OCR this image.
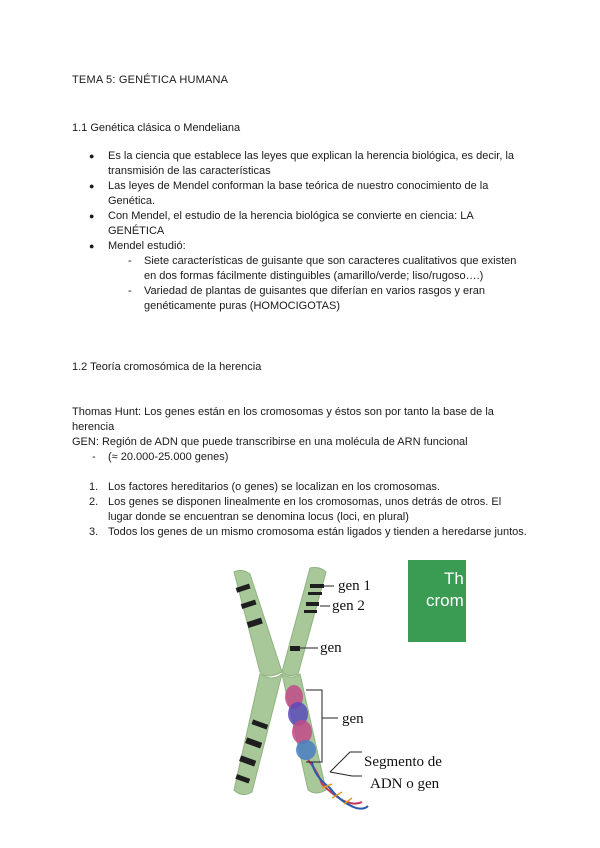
TEMA 5: GENÉTICA HUMANA
1.1 Genética clásica o Mendeliana
● Es la ciencia que establece las leyes que explican la herencia biológica, es decir, la transmisión de las características
● Las leyes de Mendel conforman la base teórica de nuestro conocimiento de la Genética.
● Con Mendel, el estudio de la herencia biológica se convierte en ciencia: LA GENÉTICA
● Mendel estudió:
- Siete características de guisante que son caracteres cualitativos que existen en dos formas fácilmente distinguibles (amarillo/verde; liso/rugoso….)
- Variedad de plantas de guisantes que diferían en varios rasgos y eran genéticamente puras (HOMOCIGOTAS)
1.2 Teoría cromosómica de la herencia
Thomas Hunt: Los genes están en los cromosomas y éstos son por tanto la base de la herencia
GEN: Región de ADN que puede transcribirse en una molécula de ARN funcional
- (≈ 20.000-25.000 genes)
1. Los factores hereditarios (o genes) se localizan en los cromosomas.
2. Los genes se disponen linealmente en los cromosomas, unos detrás de otros. El lugar donde se encuentran se denomina locus (loci, en plural)
3. Todos los genes de un mismo cromosoma están ligados y tienden a heredarse juntos.
Th
crom
gen 1
gen 2
gen
gen
Segmento de
ADN o gen
